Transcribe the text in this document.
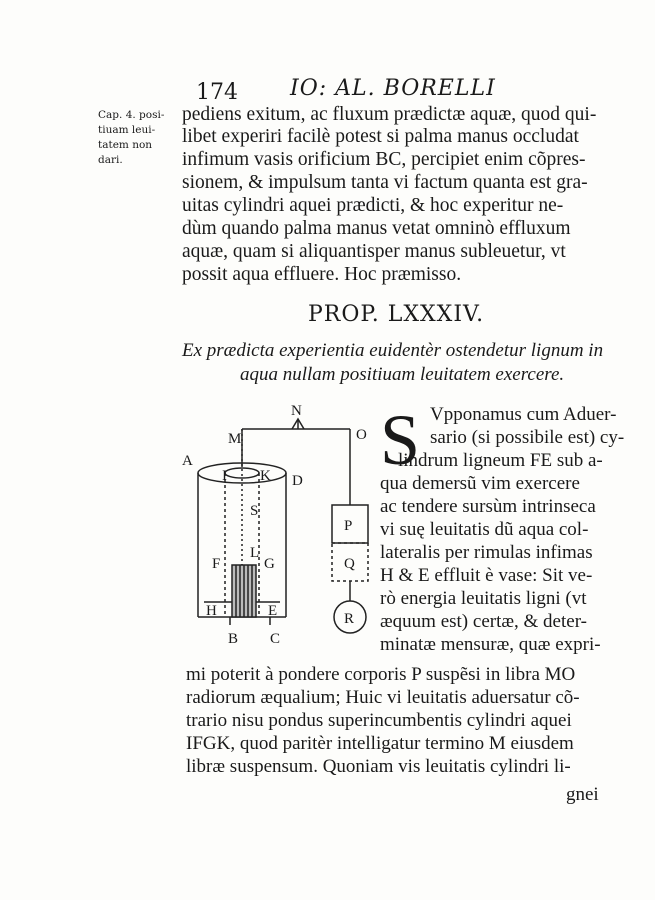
174 IO: AL. BORELLI
Cap. 4. posi-
tiuam leui-
tatem non
dari.
pediens exitum, ac fluxum prædictæ aquæ, quod qui-
libet experiri facilè potest si palma manus occludat
infimum vasis orificium BC, percipiet enim cõpres-
sionem, & impulsum tanta vi factum quanta est gra-
uitas cylindri aquei prædicti, & hoc experitur ne-
dùm quando palma manus vetat omninò effluxum
aquæ, quam si aliquantisper manus subleuetur, vt
possit aqua effluere. Hoc præmisso.
PROP. LXXXIV.
Ex prædicta experientia euidentèr ostendetur lignum in
aqua nullam positiuam leuitatem exercere.
A
B C
D
E
F	G
H
I K
L
M
N
O
P
Q
R
S
S Vpponamus cum Aduer-
sario (si possibile est) cy-
lindrum ligneum FE sub a-
qua demersũ vim exercere
ac tendere sursùm intrinseca
vi suę leuitatis dũ aqua col-
lateralis per rimulas infimas
H & E effluit è vase: Sit ve-
rò energia leuitatis ligni (vt
æquum est) certæ, & deter-
minatæ mensuræ, quæ expri-
mi poterit à pondere corporis P suspẽsi in libra MO
radiorum æqualium; Huic vi leuitatis aduersatur cõ-
trario nisu pondus superincumbentis cylindri aquei
IFGK, quod paritèr intelligatur termino M eiusdem
libræ suspensum. Quoniam vis leuitatis cylindri li-
gnei
